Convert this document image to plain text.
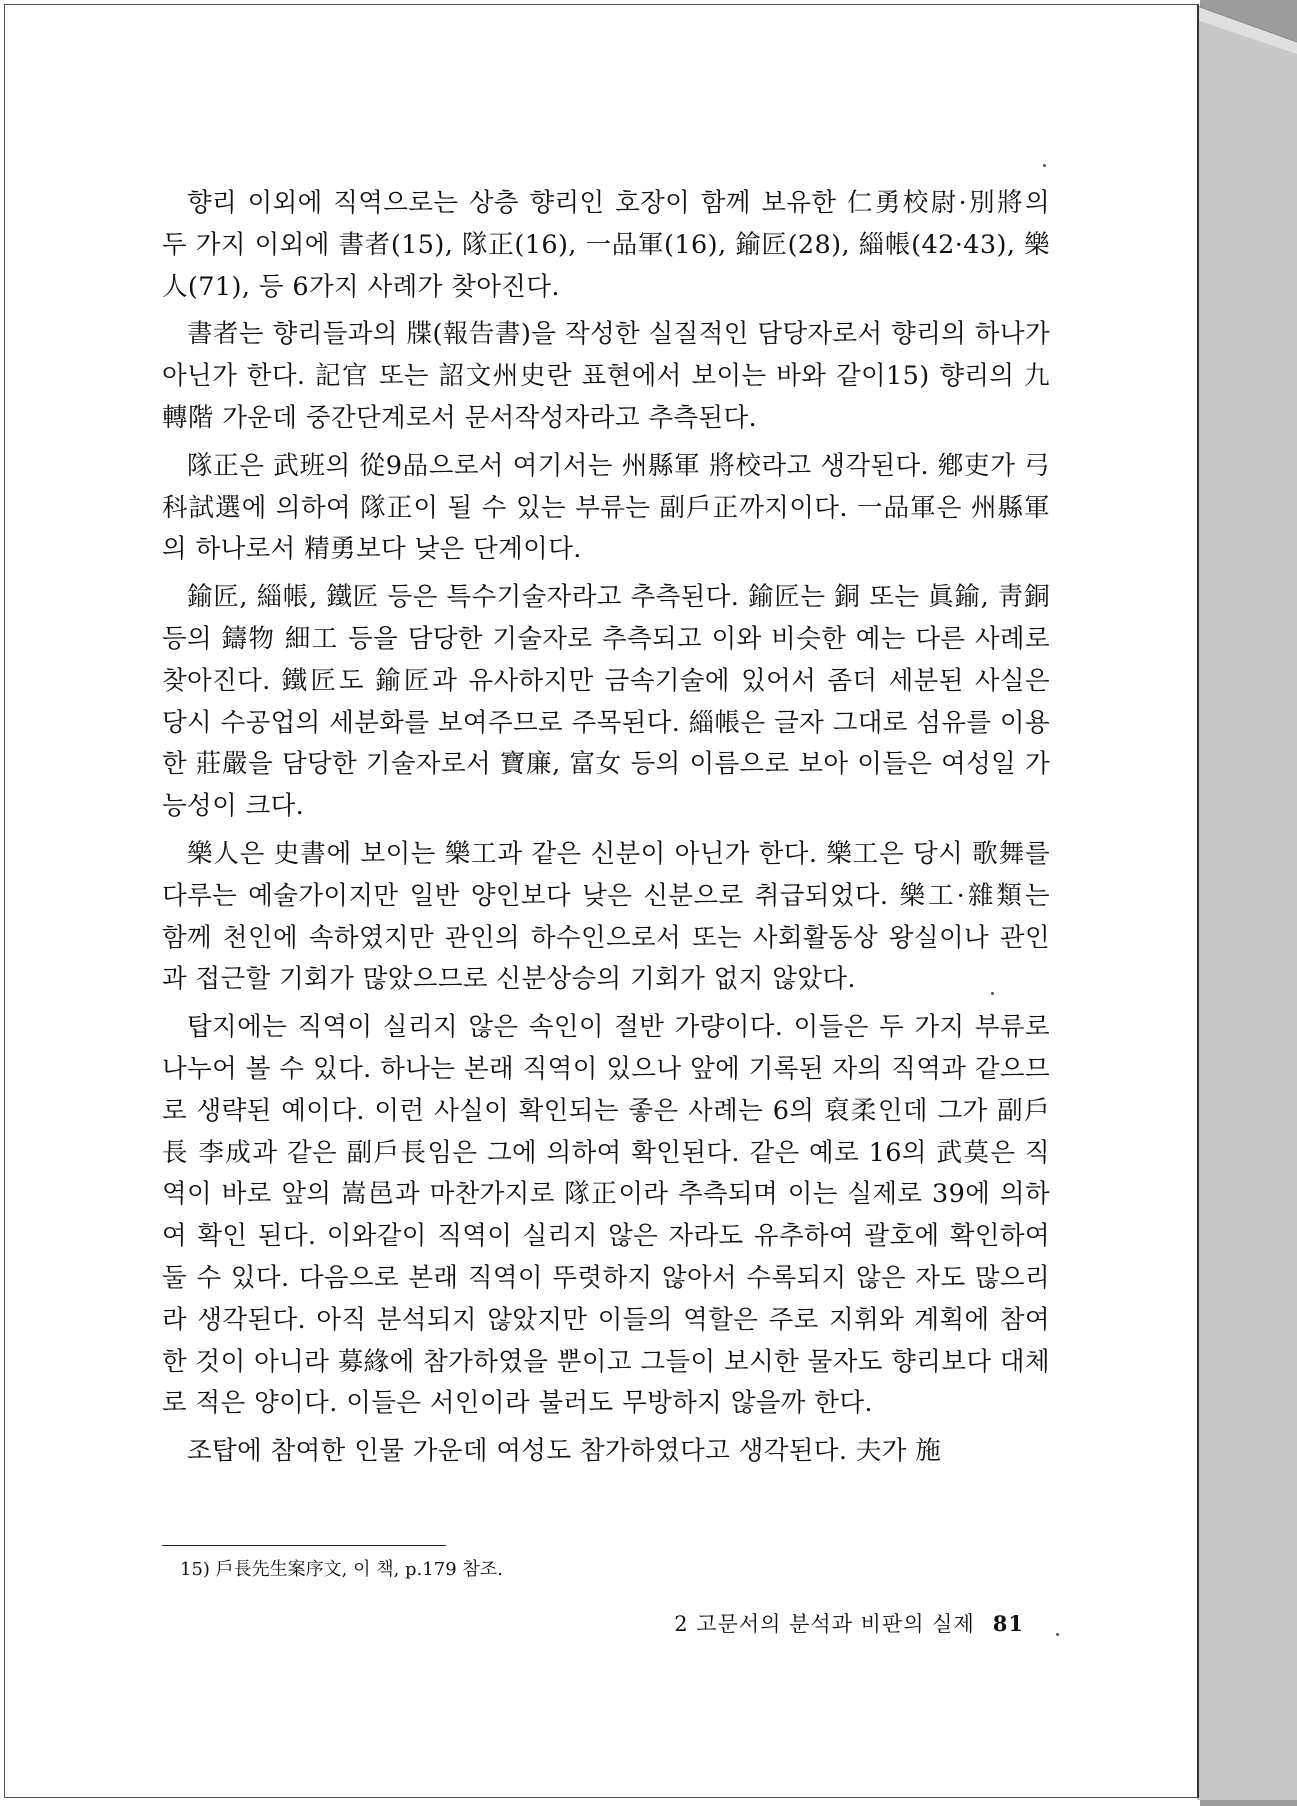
향리 이외에 직역으로는 상층 향리인 호장이 함께 보유한 仁勇校尉·別將의 두 가지 이외에 書者(15), 隊正(16), 一品軍(16), 鍮匠(28), 緇帳(42·43), 樂人(71), 등 6가지 사례가 찾아진다.

書者는 향리들과의 牒(報告書)을 작성한 실질적인 담당자로서 향리의 하나가 아닌가 한다. 記官 또는 詔文州史란 표현에서 보이는 바와 같이15) 향리의 九轉階 가운데 중간단계로서 문서작성자라고 추측된다.

隊正은 武班의 從9品으로서 여기서는 州縣軍 將校라고 생각된다. 鄕吏가 弓科試選에 의하여 隊正이 될 수 있는 부류는 副戶正까지이다. 一品軍은 州縣軍의 하나로서 精勇보다 낮은 단계이다.

鍮匠, 緇帳, 鐵匠 등은 특수기술자라고 추측된다. 鍮匠는 銅 또는 眞鍮, 靑銅 등의 鑄物 細工 등을 담당한 기술자로 추측되고 이와 비슷한 예는 다른 사례로 찾아진다. 鐵匠도 鍮匠과 유사하지만 금속기술에 있어서 좀더 세분된 사실은 당시 수공업의 세분화를 보여주므로 주목된다. 緇帳은 글자 그대로 섬유를 이용한 莊嚴을 담당한 기술자로서 寶廉, 富女 등의 이름으로 보아 이들은 여성일 가능성이 크다.

樂人은 史書에 보이는 樂工과 같은 신분이 아닌가 한다. 樂工은 당시 歌舞를 다루는 예술가이지만 일반 양인보다 낮은 신분으로 취급되었다. 樂工·雜類는 함께 천인에 속하였지만 관인의 하수인으로서 또는 사회활동상 왕실이나 관인과 접근할 기회가 많았으므로 신분상승의 기회가 없지 않았다.

탑지에는 직역이 실리지 않은 속인이 절반 가량이다. 이들은 두 가지 부류로 나누어 볼 수 있다. 하나는 본래 직역이 있으나 앞에 기록된 자의 직역과 같으므로 생략된 예이다. 이런 사실이 확인되는 좋은 사례는 6의 裒柔인데 그가 副戶長 李成과 같은 副戶長임은 그에 의하여 확인된다. 같은 예로 16의 武莫은 직역이 바로 앞의 嵩邑과 마찬가지로 隊正이라 추측되며 이는 실제로 39에 의하여 확인 된다. 이와같이 직역이 실리지 않은 자라도 유추하여 괄호에 확인하여 둘 수 있다. 다음으로 본래 직역이 뚜렷하지 않아서 수록되지 않은 자도 많으리라 생각된다. 아직 분석되지 않았지만 이들의 역할은 주로 지휘와 계획에 참여한 것이 아니라 募緣에 참가하였을 뿐이고 그들이 보시한 물자도 향리보다 대체로 적은 양이다. 이들은 서인이라 불러도 무방하지 않을까 한다.

조탑에 참여한 인물 가운데 여성도 참가하였다고 생각된다. 夫가 施

15) 戶長先生案序文, 이 책, p.179 참조.
2 고문서의 분석과 비판의 실제 81
